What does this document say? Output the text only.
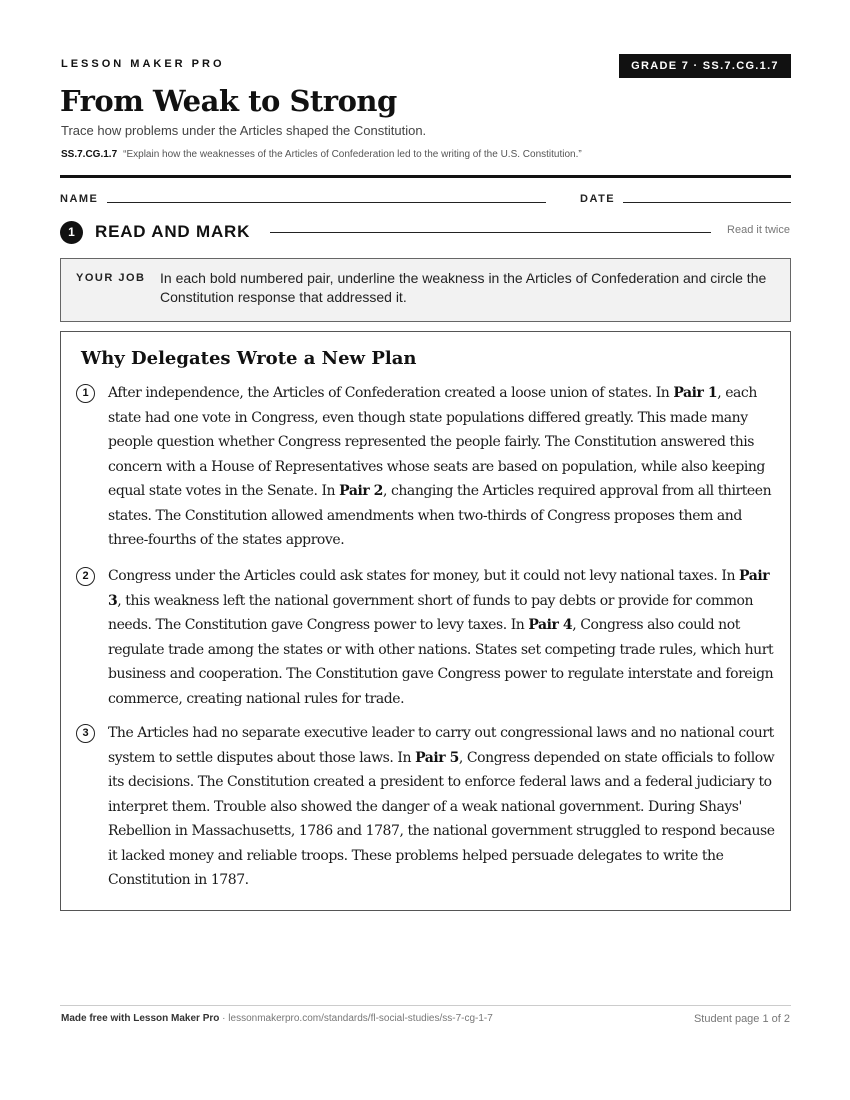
LESSON MAKER PRO	GRADE 7 · SS.7.CG.1.7
From Weak to Strong
Trace how problems under the Articles shaped the Constitution.
SS.7.CG.1.7 “Explain how the weaknesses of the Articles of Confederation led to the writing of the U.S. Constitution.”
NAME	DATE
1	READ AND MARK	Read it twice
YOUR JOB In each bold numbered pair, underline the weakness in the Articles of Confederation and circle the Constitution response that addressed it.
Why Delegates Wrote a New Plan
1	After independence, the Articles of Confederation created a loose union of states. In Pair 1, each state had one vote in Congress, even though state populations differed greatly. This made many people question whether Congress represented the people fairly. The Constitution answered this concern with a House of Representatives whose seats are based on population, while also keeping equal state votes in the Senate. In Pair 2, changing the Articles required approval from all thirteen states. The Constitution allowed amendments when two-thirds of Congress proposes them and three-fourths of the states approve.

2	Congress under the Articles could ask states for money, but it could not levy national taxes. In Pair 3, this weakness left the national government short of funds to pay debts or provide for common needs. The Constitution gave Congress power to levy taxes. In Pair 4, Congress also could not regulate trade among the states or with other nations. States set competing trade rules, which hurt business and cooperation. The Constitution gave Congress power to regulate interstate and foreign commerce, creating national rules for trade.

3	The Articles had no separate executive leader to carry out congressional laws and no national court system to settle disputes about those laws. In Pair 5, Congress depended on state officials to follow its decisions. The Constitution created a president to enforce federal laws and a federal judiciary to interpret them. Trouble also showed the danger of a weak national government. During Shays' Rebellion in Massachusetts, 1786 and 1787, the national government struggled to respond because it lacked money and reliable troops. These problems helped persuade delegates to write the Constitution in 1787.

Made free with Lesson Maker Pro · lessonmakerpro.com/standards/fl-social-studies/ss-7-cg-1-7	Student page 1 of 2
